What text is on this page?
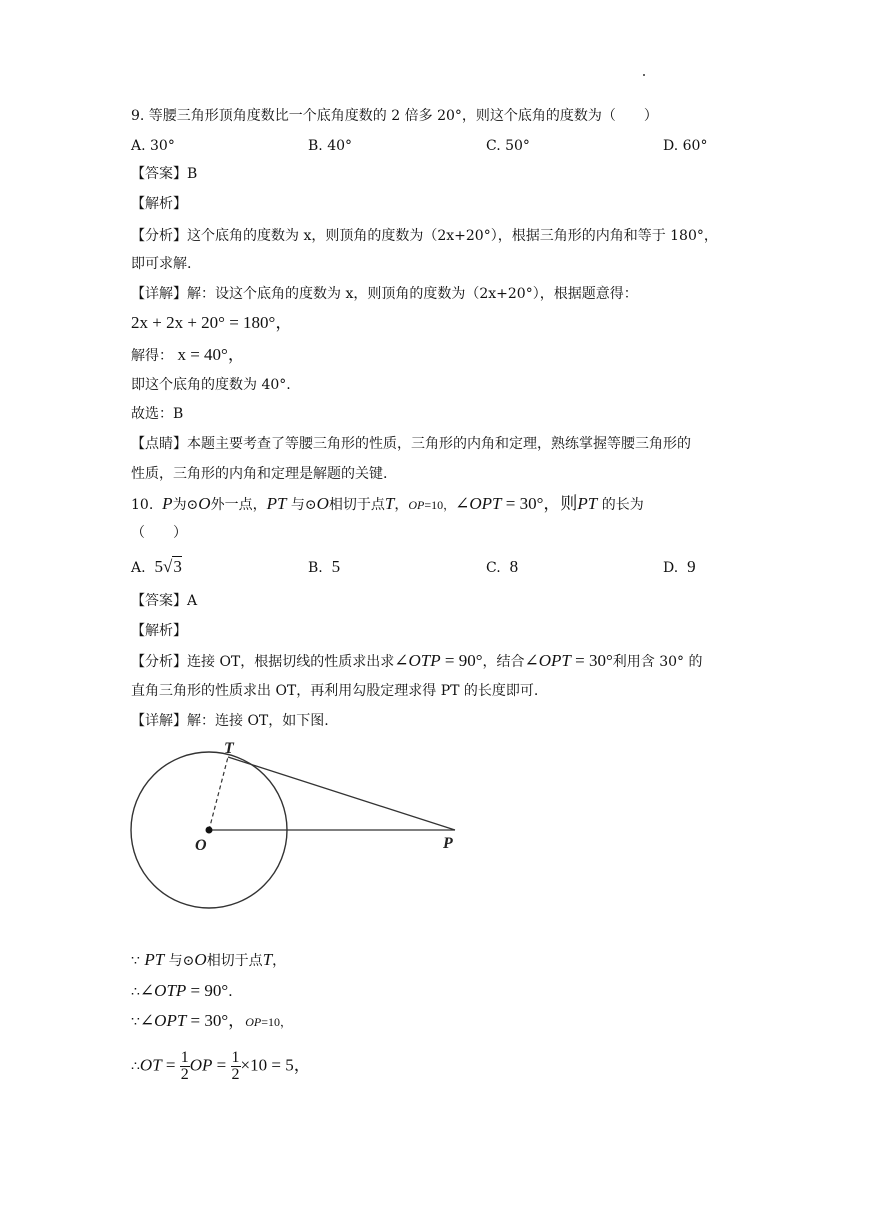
9. 等腰三角形顶角度数比一个底角度数的 2 倍多 20°，则这个底角的度数为（　　）
A. 30°	B. 40°	C. 50°	D. 60°
【答案】B
【解析】
【分析】这个底角的度数为 x，则顶角的度数为（2x+20°），根据三角形的内角和等于 180°，
即可求解.
【详解】解：设这个底角的度数为 x，则顶角的度数为（2x+20°），根据题意得：
2x + 2x + 20° = 180°，
解得： x = 40°，
即这个底角的度数为 40°.
故选：B
【点睛】本题主要考查了等腰三角形的性质，三角形的内角和定理，熟练掌握等腰三角形的
性质，三角形的内角和定理是解题的关键.
10. P为⊙O外一点，PT 与⊙O相切于点T，OP=10，∠OPT = 30°，则PT 的长为
（　　）
A. 5√3	B. 5	C. 8	D. 9
【答案】A
【解析】
【分析】连接 OT，根据切线的性质求出求∠OTP = 90°，结合∠OPT = 30°利用含 30° 的
直角三角形的性质求出 OT，再利用勾股定理求得 PT 的长度即可.
【详解】解：连接 OT，如下图.
T
O	P
∵ PT 与⊙O相切于点T，
∴∠OTP = 90°．
∵∠OPT = 30°，OP=10，
∴OT = $\frac{1}{2}$ OP = $\frac{1}{2} \times 10 = 5$，
